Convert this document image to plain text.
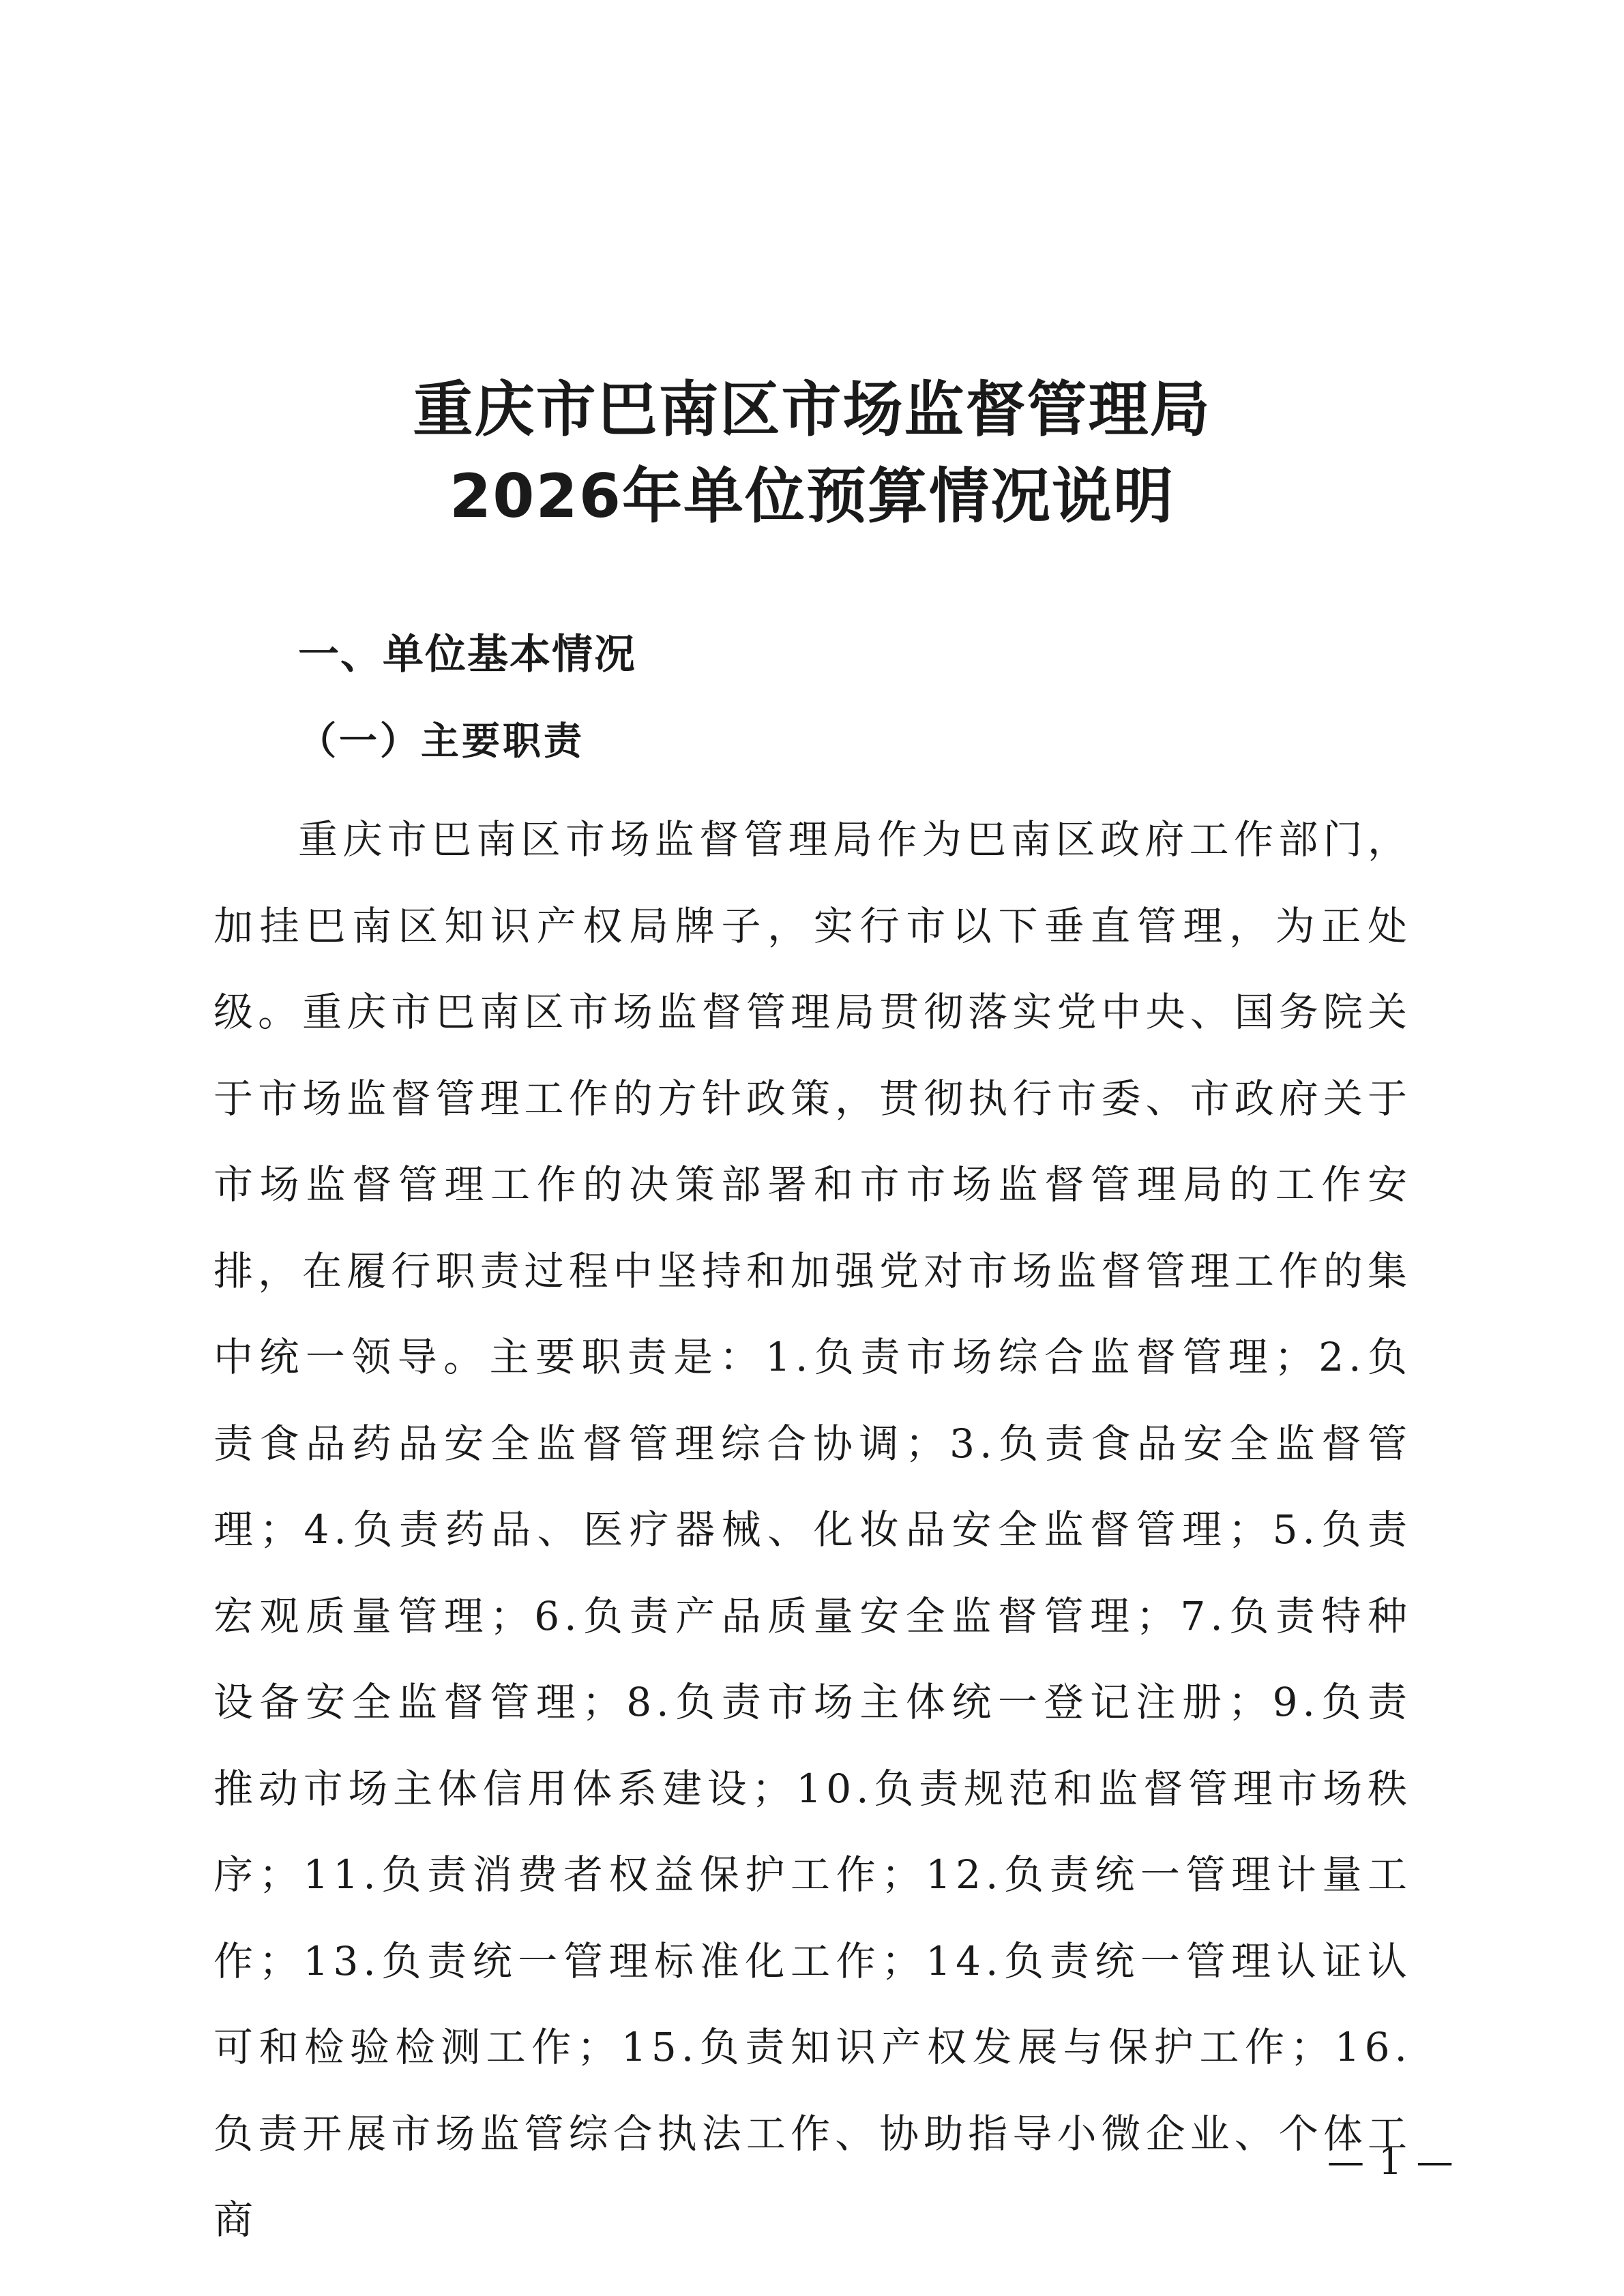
重庆市巴南区市场监督管理局
2026年单位预算情况说明
一、单位基本情况
（一）主要职责

重庆市巴南区市场监督管理局作为巴南区政府工作部门，加挂巴南区知识产权局牌子，实行市以下垂直管理，为正处级。重庆市巴南区市场监督管理局贯彻落实党中央、国务院关于市场监督管理工作的方针政策，贯彻执行市委、市政府关于市场监督管理工作的决策部署和市市场监督管理局的工作安排，在履行职责过程中坚持和加强党对市场监督管理工作的集中统一领导。主要职责是：1.负责市场综合监督管理；2.负责食品药品安全监督管理综合协调；3.负责食品安全监督管理；4.负责药品、医疗器械、化妆品安全监督管理；5.负责宏观质量管理；6.负责产品质量安全监督管理；7.负责特种设备安全监督管理；8.负责市场主体统一登记注册；9.负责推动市场主体信用体系建设；10.负责规范和监督管理市场秩序；11.负责消费者权益保护工作；12.负责统一管理计量工作；13.负责统一管理标准化工作；14.负责统一管理认证认可和检验检测工作；15.负责知识产权发展与保护工作；16.负责开展市场监管综合执法工作、协助指导小微企业、个体工商

— 1 —
